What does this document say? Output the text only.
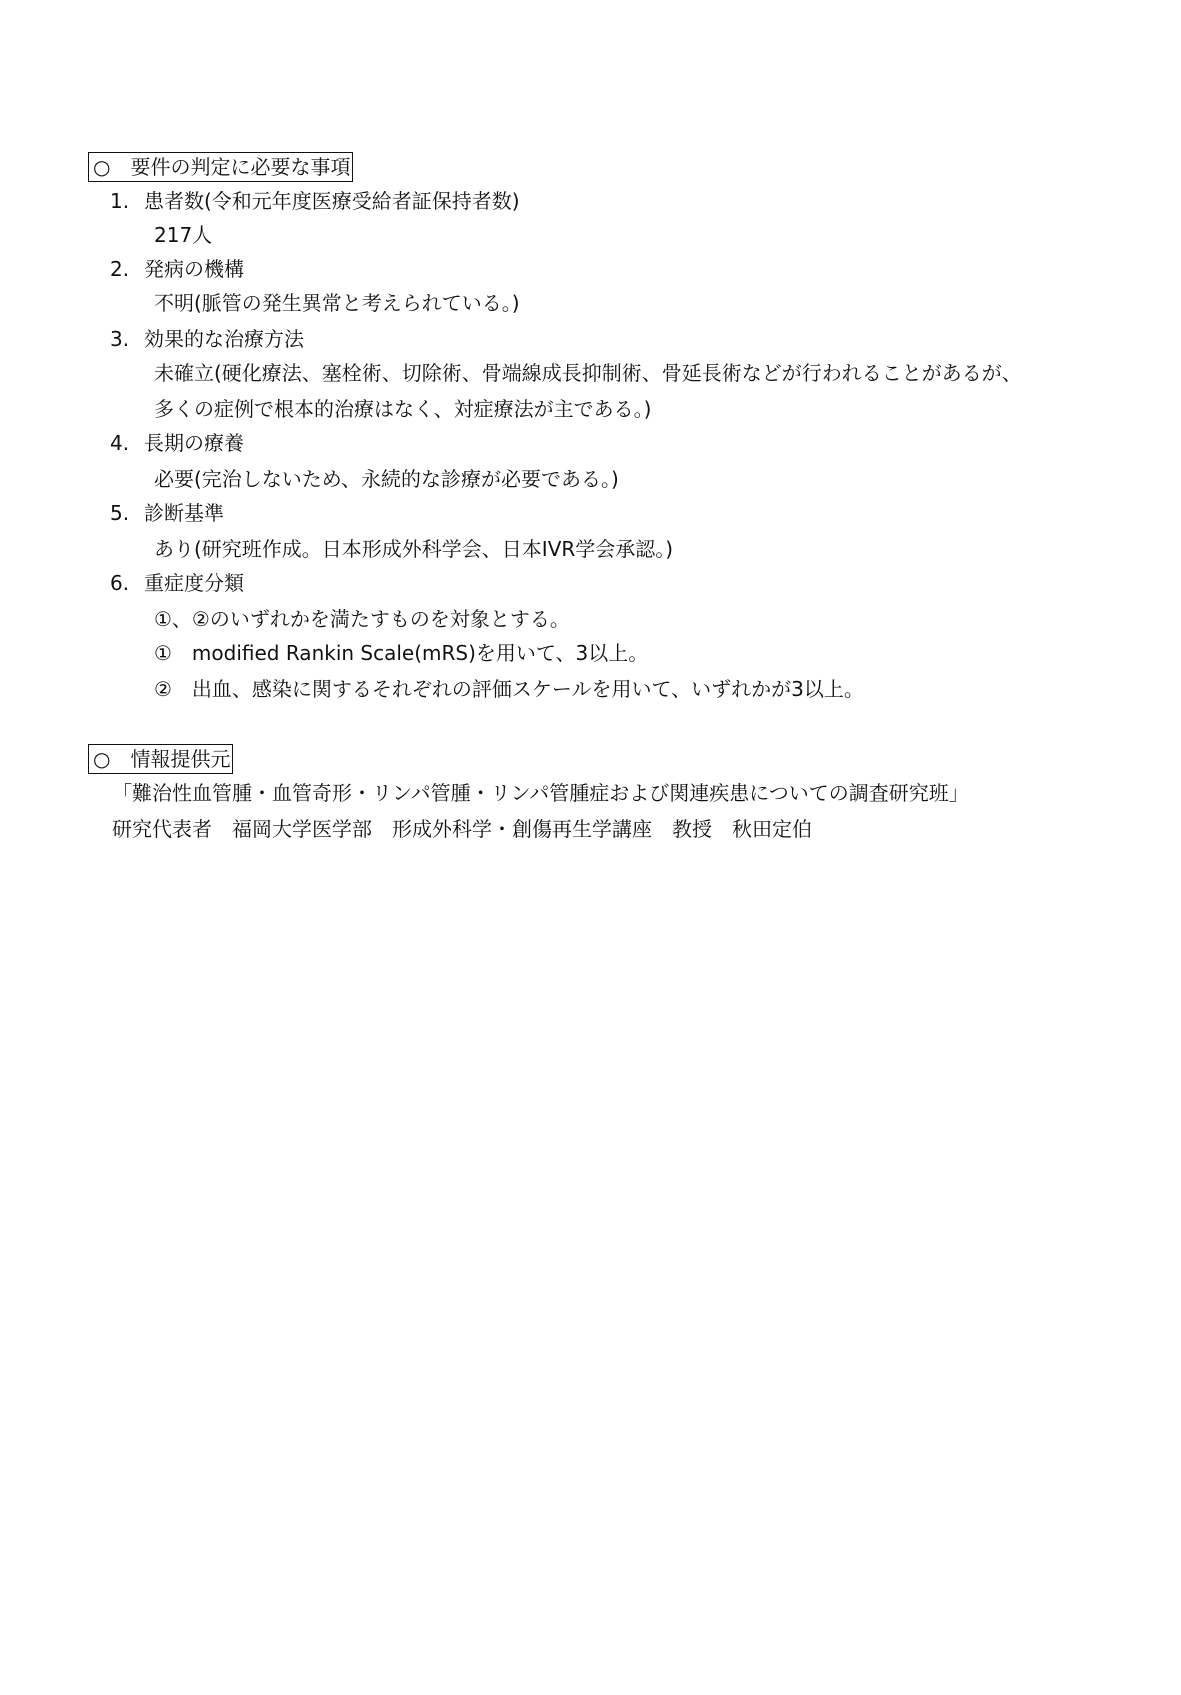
○　要件の判定に必要な事項
1. 患者数(令和元年度医療受給者証保持者数)
217人
2. 発病の機構
不明(脈管の発生異常と考えられている。)
3. 効果的な治療方法
未確立(硬化療法、塞栓術、切除術、骨端線成長抑制術、骨延長術などが行われることがあるが、
多くの症例で根本的治療はなく、対症療法が主である。)
4. 長期の療養
必要(完治しないため、永続的な診療が必要である。)
5. 診断基準
あり(研究班作成。日本形成外科学会、日本IVR学会承認。)
6. 重症度分類
①、②のいずれかを満たすものを対象とする。
①　modified Rankin Scale(mRS)を用いて、3以上。
②　出血、感染に関するそれぞれの評価スケールを用いて、いずれかが3以上。
○　情報提供元
「難治性血管腫・血管奇形・リンパ管腫・リンパ管腫症および関連疾患についての調査研究班」
研究代表者　福岡大学医学部　形成外科学・創傷再生学講座　教授　秋田定伯
